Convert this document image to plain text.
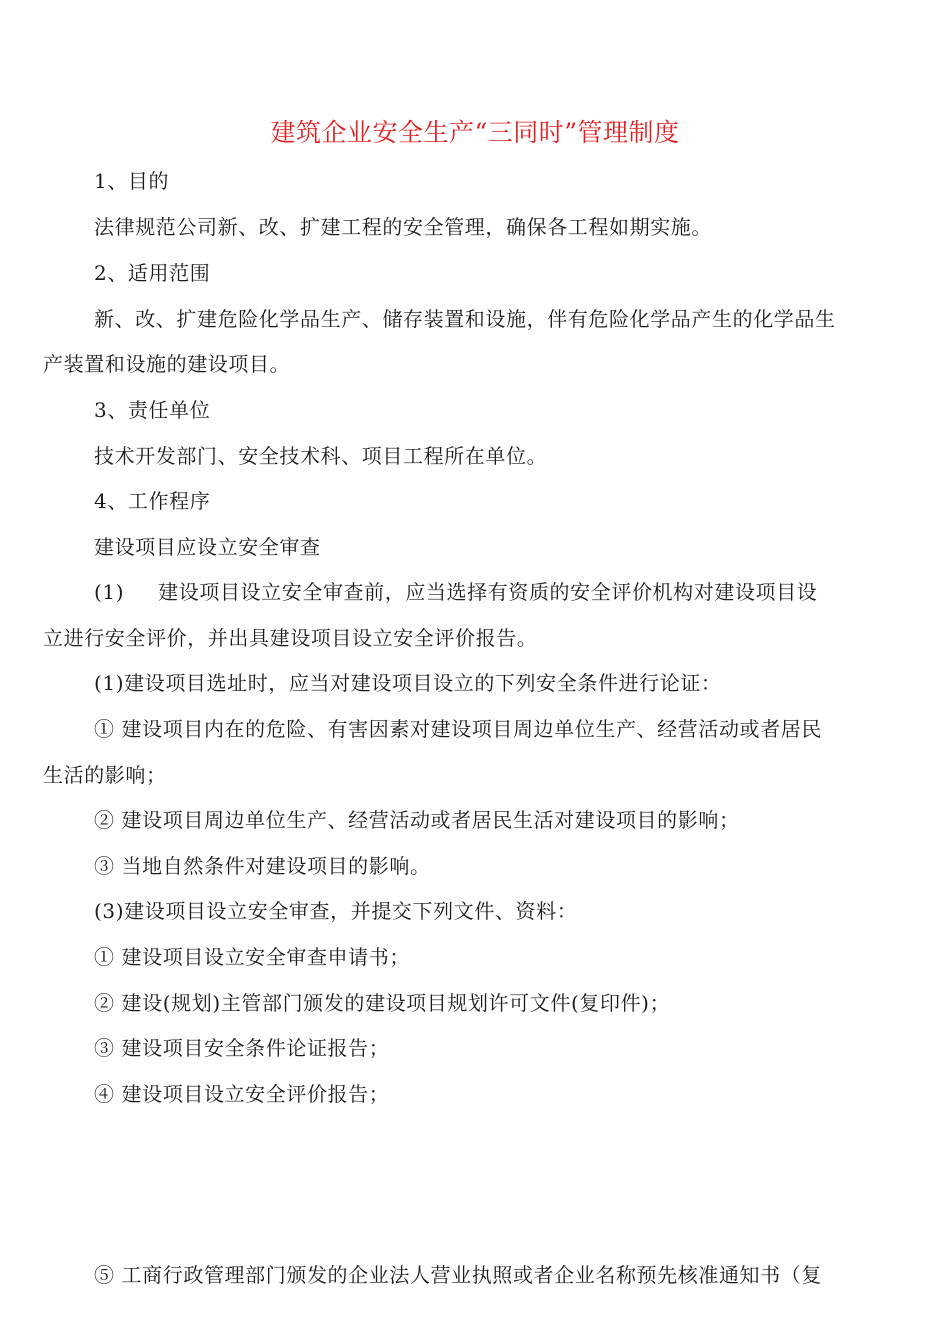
建筑企业安全生产“三同时”管理制度
1、目的
法律规范公司新、改、扩建工程的安全管理，确保各工程如期实施。
2、适用范围
新、改、扩建危险化学品生产、储存装置和设施，伴有危险化学品产生的化学品生
产装置和设施的建设项目。
3、责任单位
技术开发部门、安全技术科、项目工程所在单位。
4、工作程序
建设项目应设立安全审查
(1) 建设项目设立安全审查前，应当选择有资质的安全评价机构对建设项目设
立进行安全评价，并出具建设项目设立安全评价报告。
(1)建设项目选址时，应当对建设项目设立的下列安全条件进行论证：
① 建设项目内在的危险、有害因素对建设项目周边单位生产、经营活动或者居民
生活的影响；
② 建设项目周边单位生产、经营活动或者居民生活对建设项目的影响；
③ 当地自然条件对建设项目的影响。
(3)建设项目设立安全审查，并提交下列文件、资料：
① 建设项目设立安全审查申请书；
② 建设(规划)主管部门颁发的建设项目规划许可文件(复印件)；
③ 建设项目安全条件论证报告；
④ 建设项目设立安全评价报告；
⑤ 工商行政管理部门颁发的企业法人营业执照或者企业名称预先核准通知书（复
